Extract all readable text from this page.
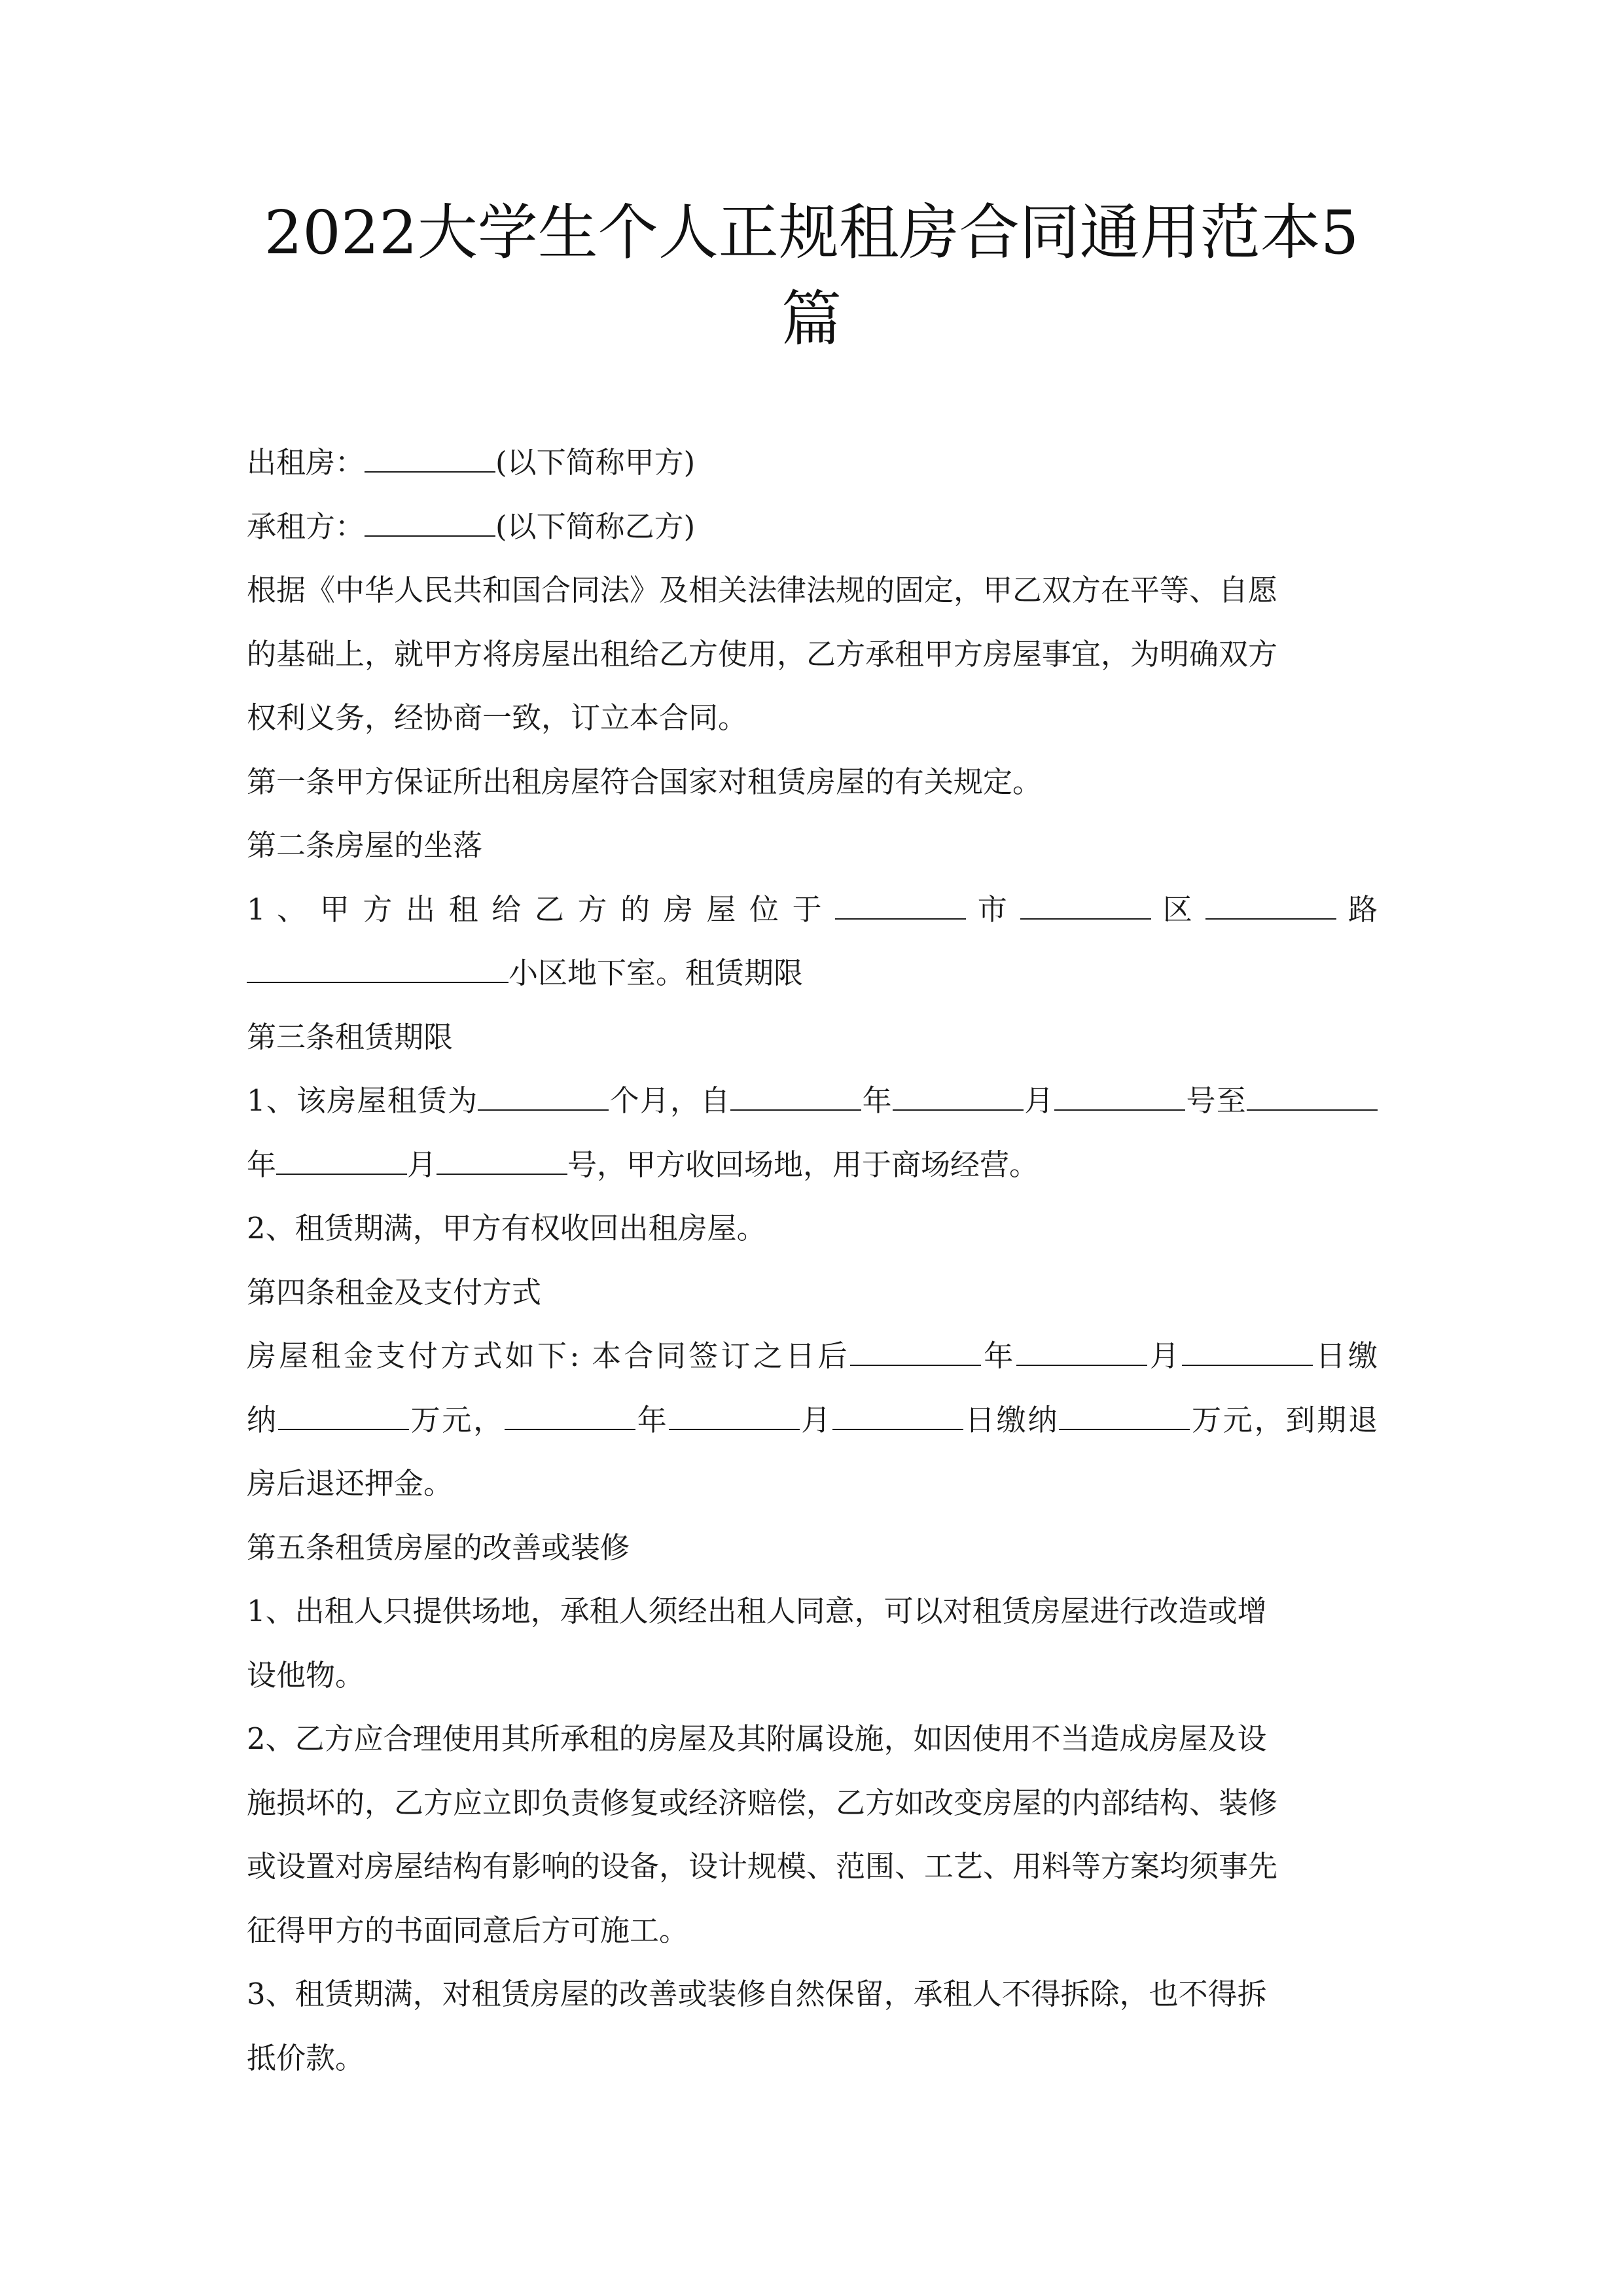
2022大学生个人正规租房合同通用范本5
篇
出租房：	(以下简称甲方)
承租方：	(以下简称乙方)
根据《中华人民共和国合同法》及相关法律法规的固定，甲乙双方在平等、自愿
的基础上，就甲方将房屋出租给乙方使用，乙方承租甲方房屋事宜，为明确双方
权利义务，经协商一致，订立本合同。
第一条甲方保证所出租房屋符合国家对租赁房屋的有关规定。
第二条房屋的坐落
1 、 甲 方 出 租 给 乙 方 的 房 屋 位 于	市	区	路
小区地下室。租赁期限
第三条租赁期限
1、该房屋租赁为	个月，自	年	月	号至
年	月	号，甲方收回场地，用于商场经营。
2、租赁期满，甲方有权收回出租房屋。
第四条租金及支付方式
房屋租金支付方式如下: 本合同签订之日后	年	月	日缴
纳	万元，	年	月	日缴纳	万元，到期退
房后退还押金。
第五条租赁房屋的改善或装修
1、出租人只提供场地，承租人须经出租人同意，可以对租赁房屋进行改造或增
设他物。
2、乙方应合理使用其所承租的房屋及其附属设施，如因使用不当造成房屋及设
施损坏的，乙方应立即负责修复或经济赔偿，乙方如改变房屋的内部结构、装修
或设置对房屋结构有影响的设备，设计规模、范围、工艺、用料等方案均须事先
征得甲方的书面同意后方可施工。
3、租赁期满，对租赁房屋的改善或装修自然保留，承租人不得拆除，也不得拆
抵价款。
